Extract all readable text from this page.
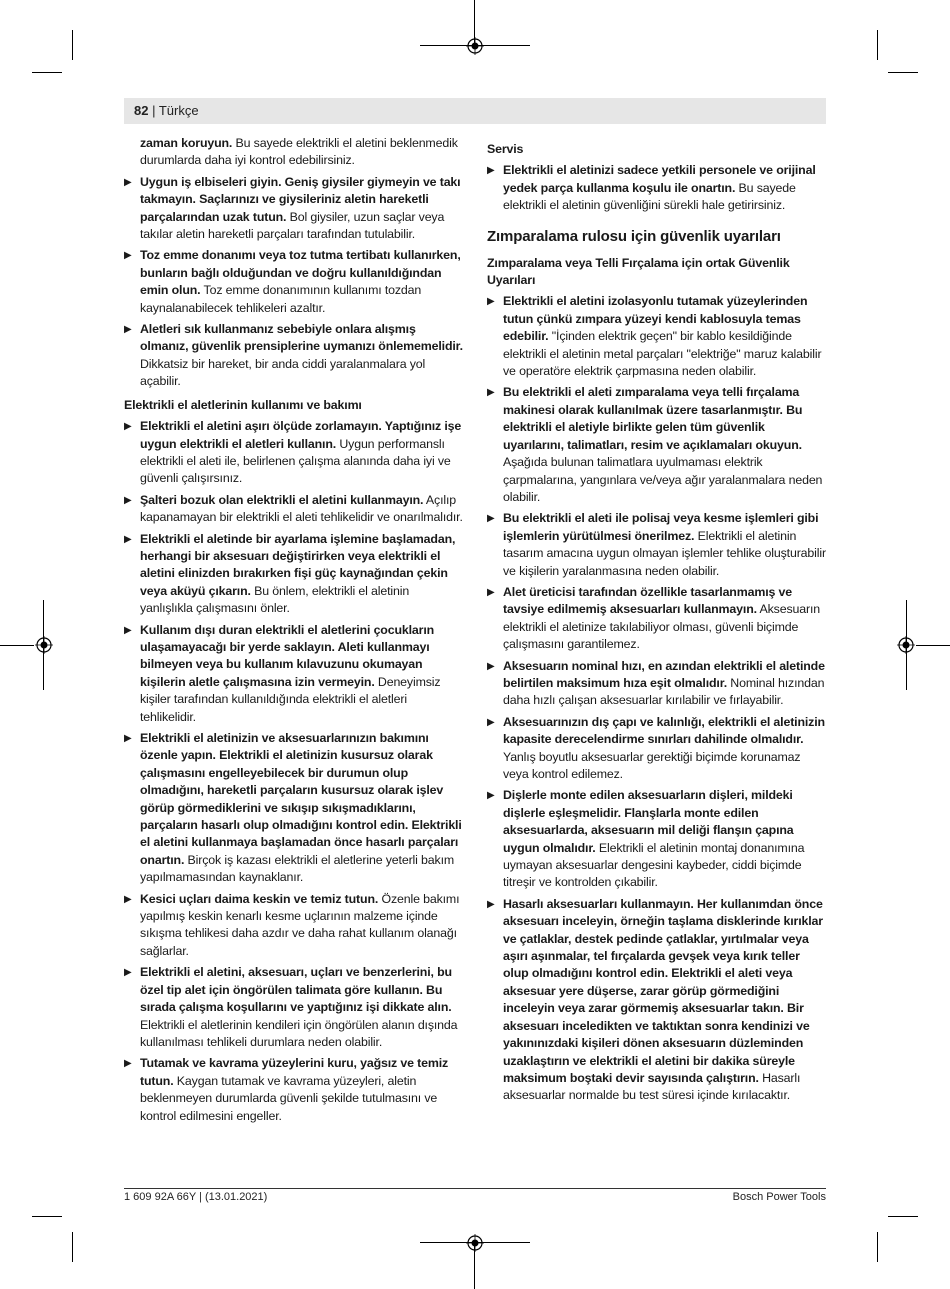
82 | Türkçe
zaman koruyun. Bu sayede elektrikli el aletini beklenmedik durumlarda daha iyi kontrol edebilirsiniz.
▶ Uygun iş elbiseleri giyin. Geniş giysiler giymeyin ve takı takmayın. Saçlarınızı ve giysileriniz aletin hareketli parçalarından uzak tutun. Bol giysiler, uzun saçlar veya takılar aletin hareketli parçaları tarafından tutulabilir.
▶ Toz emme donanımı veya toz tutma tertibatı kullanırken, bunların bağlı olduğundan ve doğru kullanıldığından emin olun. Toz emme donanımının kullanımı tozdan kaynalanabilecek tehlikeleri azaltır.
▶ Aletleri sık kullanmanız sebebiyle onlara alışmış olmanız, güvenlik prensiplerine uymanızı önlememelidir. Dikkatsiz bir hareket, bir anda ciddi yaralanmalara yol açabilir.
Elektrikli el aletlerinin kullanımı ve bakımı
▶ Elektrikli el aletini aşırı ölçüde zorlamayın. Yaptığınız işe uygun elektrikli el aletleri kullanın. Uygun performanslı elektrikli el aleti ile, belirlenen çalışma alanında daha iyi ve güvenli çalışırsınız.
▶ Şalteri bozuk olan elektrikli el aletini kullanmayın. Açılıp kapanamayan bir elektrikli el aleti tehlikelidir ve onarılmalıdır.
▶ Elektrikli el aletinde bir ayarlama işlemine başlamadan, herhangi bir aksesuarı değiştirirken veya elektrikli el aletini elinizden bırakırken fişi güç kaynağından çekin veya aküyü çıkarın. Bu önlem, elektrikli el aletinin yanlışlıkla çalışmasını önler.
▶ Kullanım dışı duran elektrikli el aletlerini çocukların ulaşamayacağı bir yerde saklayın. Aleti kullanmayı bilmeyen veya bu kullanım kılavuzunu okumayan kişilerin aletle çalışmasına izin vermeyin. Deneyimsiz kişiler tarafından kullanıldığında elektrikli el aletleri tehlikelidir.
▶ Elektrikli el aletinizin ve aksesuarlarınızın bakımını özenle yapın. Elektrikli el aletinizin kusursuz olarak çalışmasını engelleyebilecek bir durumun olup olmadığını, hareketli parçaların kusursuz olarak işlev görüp görmediklerini ve sıkışıp sıkışmadıklarını, parçaların hasarlı olup olmadığını kontrol edin. Elektrikli el aletini kullanmaya başlamadan önce hasarlı parçaları onartın. Birçok iş kazası elektrikli el aletlerine yeterli bakım yapılmamasından kaynaklanır.
▶ Kesici uçları daima keskin ve temiz tutun. Özenle bakımı yapılmış keskin kenarlı kesme uçlarının malzeme içinde sıkışma tehlikesi daha azdır ve daha rahat kullanım olanağı sağlarlar.
▶ Elektrikli el aletini, aksesuarı, uçları ve benzerlerini, bu özel tip alet için öngörülen talimata göre kullanın. Bu sırada çalışma koşullarını ve yaptığınız işi dikkate alın. Elektrikli el aletlerinin kendileri için öngörülen alanın dışında kullanılması tehlikeli durumlara neden olabilir.
▶ Tutamak ve kavrama yüzeylerini kuru, yağsız ve temiz tutun. Kaygan tutamak ve kavrama yüzeyleri, aletin beklenmeyen durumlarda güvenli şekilde tutulmasını ve kontrol edilmesini engeller.
Servis
▶ Elektrikli el aletinizi sadece yetkili personele ve orijinal yedek parça kullanma koşulu ile onartın. Bu sayede elektrikli el aletinin güvenliğini sürekli hale getirirsiniz.
Zımparalama rulosu için güvenlik uyarıları
Zımparalama veya Telli Fırçalama için ortak Güvenlik Uyarıları
▶ Elektrikli el aletini izolasyonlu tutamak yüzeylerinden tutun çünkü zımpara yüzeyi kendi kablosuyla temas edebilir. "İçinden elektrik geçen" bir kablo kesildiğinde elektrikli el aletinin metal parçaları "elektriğe" maruz kalabilir ve operatöre elektrik çarpmasına neden olabilir.
▶ Bu elektrikli el aleti zımparalama veya telli fırçalama makinesi olarak kullanılmak üzere tasarlanmıştır. Bu elektrikli el aletiyle birlikte gelen tüm güvenlik uyarılarını, talimatları, resim ve açıklamaları okuyun. Aşağıda bulunan talimatlara uyulmaması elektrik çarpmalarına, yangınlara ve/veya ağır yaralanmalara neden olabilir.
▶ Bu elektrikli el aleti ile polisaj veya kesme işlemleri gibi işlemlerin yürütülmesi önerilmez. Elektrikli el aletinin tasarım amacına uygun olmayan işlemler tehlike oluşturabilir ve kişilerin yaralanmasına neden olabilir.
▶ Alet üreticisi tarafından özellikle tasarlanmamış ve tavsiye edilmemiş aksesuarları kullanmayın. Aksesuarın elektrikli el aletinize takılabiliyor olması, güvenli biçimde çalışmasını garantilemez.
▶ Aksesuarın nominal hızı, en azından elektrikli el aletinde belirtilen maksimum hıza eşit olmalıdır. Nominal hızından daha hızlı çalışan aksesuarlar kırılabilir ve fırlayabilir.
▶ Aksesuarınızın dış çapı ve kalınlığı, elektrikli el aletinizin kapasite derecelendirme sınırları dahilinde olmalıdır. Yanlış boyutlu aksesuarlar gerektiği biçimde korunamaz veya kontrol edilemez.
▶ Dişlerle monte edilen aksesuarların dişleri, mildeki dişlerle eşleşmelidir. Flanşlarla monte edilen aksesuarlarda, aksesuarın mil deliği flanşın çapına uygun olmalıdır. Elektrikli el aletinin montaj donanımına uymayan aksesuarlar dengesini kaybeder, ciddi biçimde titreşir ve kontrolden çıkabilir.
▶ Hasarlı aksesuarları kullanmayın. Her kullanımdan önce aksesuarı inceleyin, örneğin taşlama disklerinde kırıklar ve çatlaklar, destek pedinde çatlaklar, yırtılmalar veya aşırı aşınmalar, tel fırçalarda gevşek veya kırık teller olup olmadığını kontrol edin. Elektrikli el aleti veya aksesuar yere düşerse, zarar görüp görmediğini inceleyin veya zarar görmemiş aksesuarlar takın. Bir aksesuarı inceledikten ve taktıktan sonra kendinizi ve yakınınızdaki kişileri dönen aksesuarın düzleminden uzaklaştırın ve elektrikli el aletini bir dakika süreyle maksimum boştaki devir sayısında çalıştırın. Hasarlı aksesuarlar normalde bu test süresi içinde kırılacaktır.
1 609 92A 66Y | (13.01.2021)	Bosch Power Tools
